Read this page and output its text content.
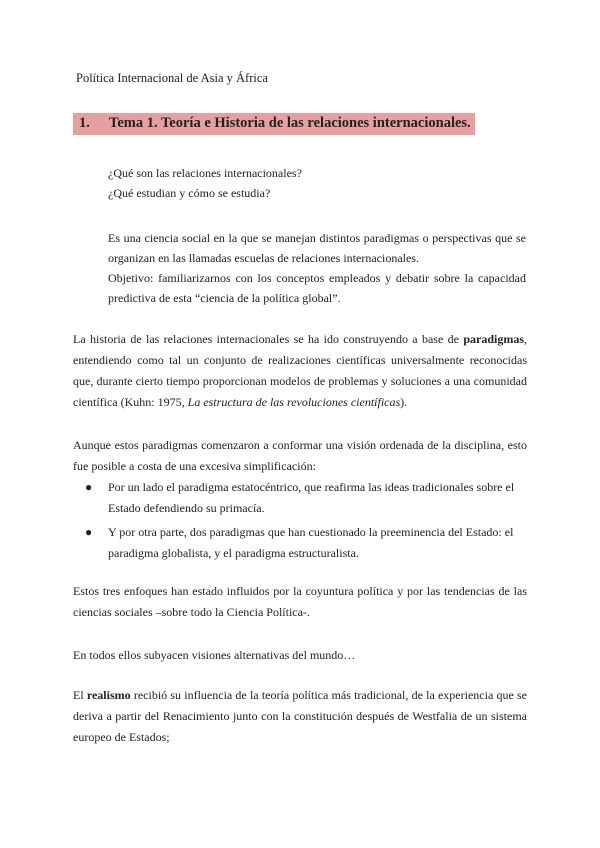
Política Internacional de Asia y África
1. Tema 1. Teoría e Historia de las relaciones internacionales.
¿Qué son las relaciones internacionales?
¿Qué estudian y cómo se estudia?
Es una ciencia social en la que se manejan distintos paradigmas o perspectivas que se organizan en las llamadas escuelas de relaciones internacionales.
Objetivo: familiarizarnos con los conceptos empleados y debatir sobre la capacidad predictiva de esta “ciencia de la política global”.
La historia de las relaciones internacionales se ha ido construyendo a base de paradigmas, entendiendo como tal un conjunto de realizaciones científicas universalmente reconocidas que, durante cierto tiempo proporcionan modelos de problemas y soluciones a una comunidad científica (Kuhn: 1975, La estructura de las revoluciones científicas).
Aunque estos paradigmas comenzaron a conformar una visión ordenada de la disciplina, esto fue posible a costa de una excesiva simplificación:
● Por un lado el paradigma estatocéntrico, que reafirma las ideas tradicionales sobre el Estado defendiendo su primacía.
● Y por otra parte, dos paradigmas que han cuestionado la preeminencia del Estado: el paradigma globalista, y el paradigma estructuralista.
Estos tres enfoques han estado influidos por la coyuntura política y por las tendencias de las ciencias sociales –sobre todo la Ciencia Política-.
En todos ellos subyacen visiones alternativas del mundo…
El realismo recibió su influencia de la teoría política más tradicional, de la experiencia que se deriva a partir del Renacimiento junto con la constitución después de Westfalia de un sistema europeo de Estados;
